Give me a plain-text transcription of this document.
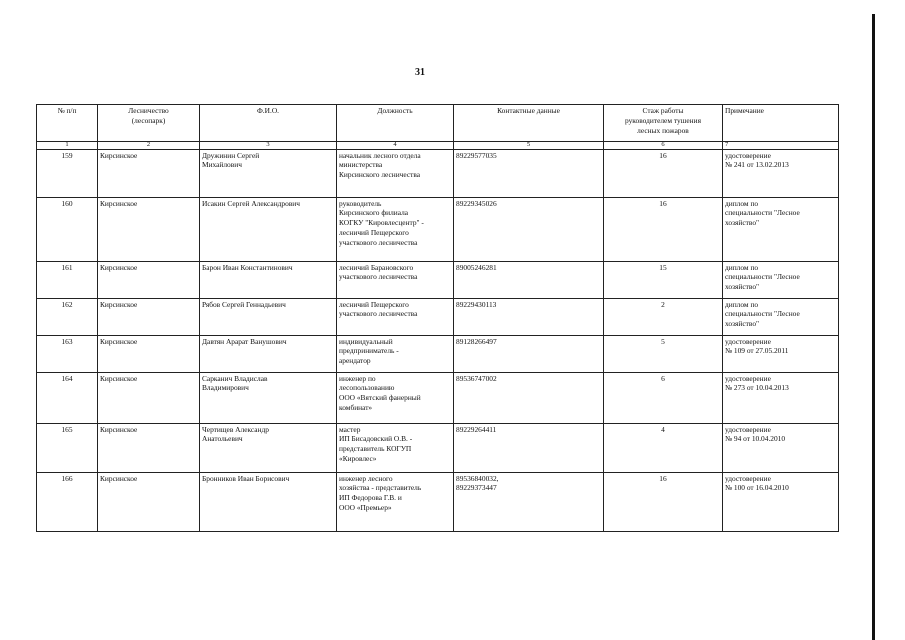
31
№ п/п	Лесничество
(лесопарк)	Ф.И.О.	Должность	Контактные данные	Стаж работы
руководителем тушения
лесных пожаров	Примечание
1	2	3	4	5	6	7
159	Кирсинское	Дружинин Сергей
Михайлович	начальник лесного отдела
министерства
Кирсинского лесничества	89229577035	16	удостоверение
№ 241 от 13.02.2013
160	Кирсинское	Исакин Сергей Александрович	руководитель
Кирсинского филиала
КОГКУ "Кировлесцентр" -
лесничий Пещерского
участкового лесничества	89229345026	16	диплом по
специальности "Лесное
хозяйство"
161	Кирсинское	Барон Иван Константинович	лесничий Барановского
участкового лесничества	89005246281	15	диплом по
специальности "Лесное
хозяйство"
162	Кирсинское	Рябов Сергей Геннадьевич	лесничий Пещерского
участкового лесничества	89229430113	2	диплом по
специальности "Лесное
хозяйство"
163	Кирсинское	Давтян Арарат Ванушович	индивидуальный
предприниматель -
арендатор	89128266497	5	удостоверение
№ 109 от 27.05.2011
164	Кирсинское	Сарканич Владислав
Владимирович	инженер по
лесопользованию
ООО «Вятский фанерный
комбинат»	89536747002	6	удостоверение
№ 273 от 10.04.2013
165	Кирсинское	Чертищев Александр
Анатольевич	мастер
ИП Бисадовский О.В. -
представитель КОГУП
«Кировлес»	89229264411	4	удостоверение
№ 94 от 10.04.2010
166	Кирсинское	Бронников Иван Борисович	инженер лесного
хозяйства - представитель
ИП Федорова Г.В. и
ООО «Премьер»	89536840032,
89229373447	16	удостоверение
№ 100 от 16.04.2010
